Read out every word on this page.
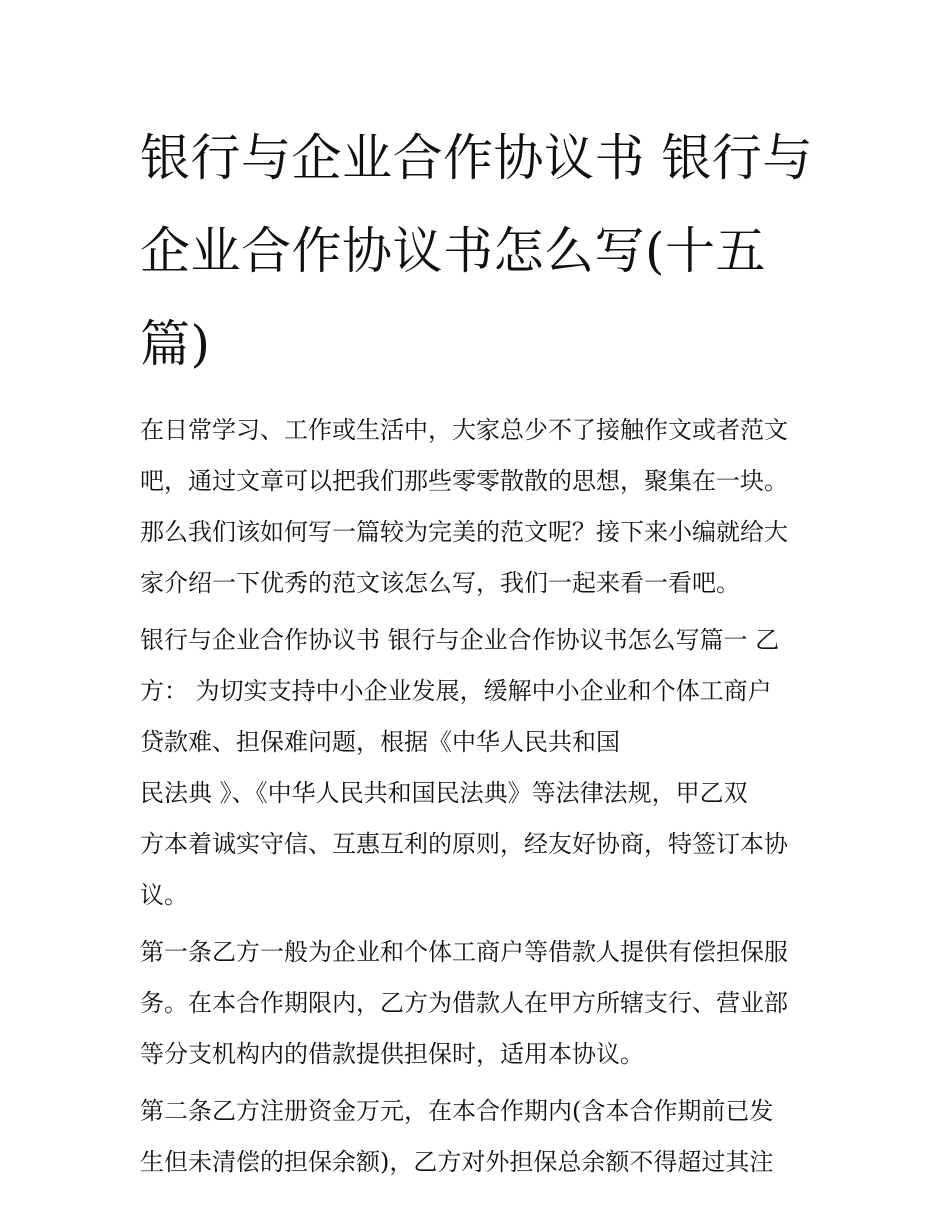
银行与企业合作协议书 银行与
企业合作协议书怎么写(十五
篇)

在日常学习、工作或生活中，大家总少不了接触作文或者范文
吧，通过文章可以把我们那些零零散散的思想，聚集在一块。
那么我们该如何写一篇较为完美的范文呢？接下来小编就给大
家介绍一下优秀的范文该怎么写，我们一起来看一看吧。

银行与企业合作协议书 银行与企业合作协议书怎么写篇一 乙
方： 为切实支持中小企业发展，缓解中小企业和个体工商户
贷款难、担保难问题，根据《中华人民共和国
民法典 》、《中华人民共和国民法典》等法律法规，甲乙双
方本着诚实守信、互惠互利的原则，经友好协商，特签订本协
议。

第一条乙方一般为企业和个体工商户等借款人提供有偿担保服
务。在本合作期限内，乙方为借款人在甲方所辖支行、营业部
等分支机构内的借款提供担保时，适用本协议。

第二条乙方注册资金万元，在本合作期内(含本合作期前已发
生但未清偿的担保余额)，乙方对外担保总余额不得超过其注
